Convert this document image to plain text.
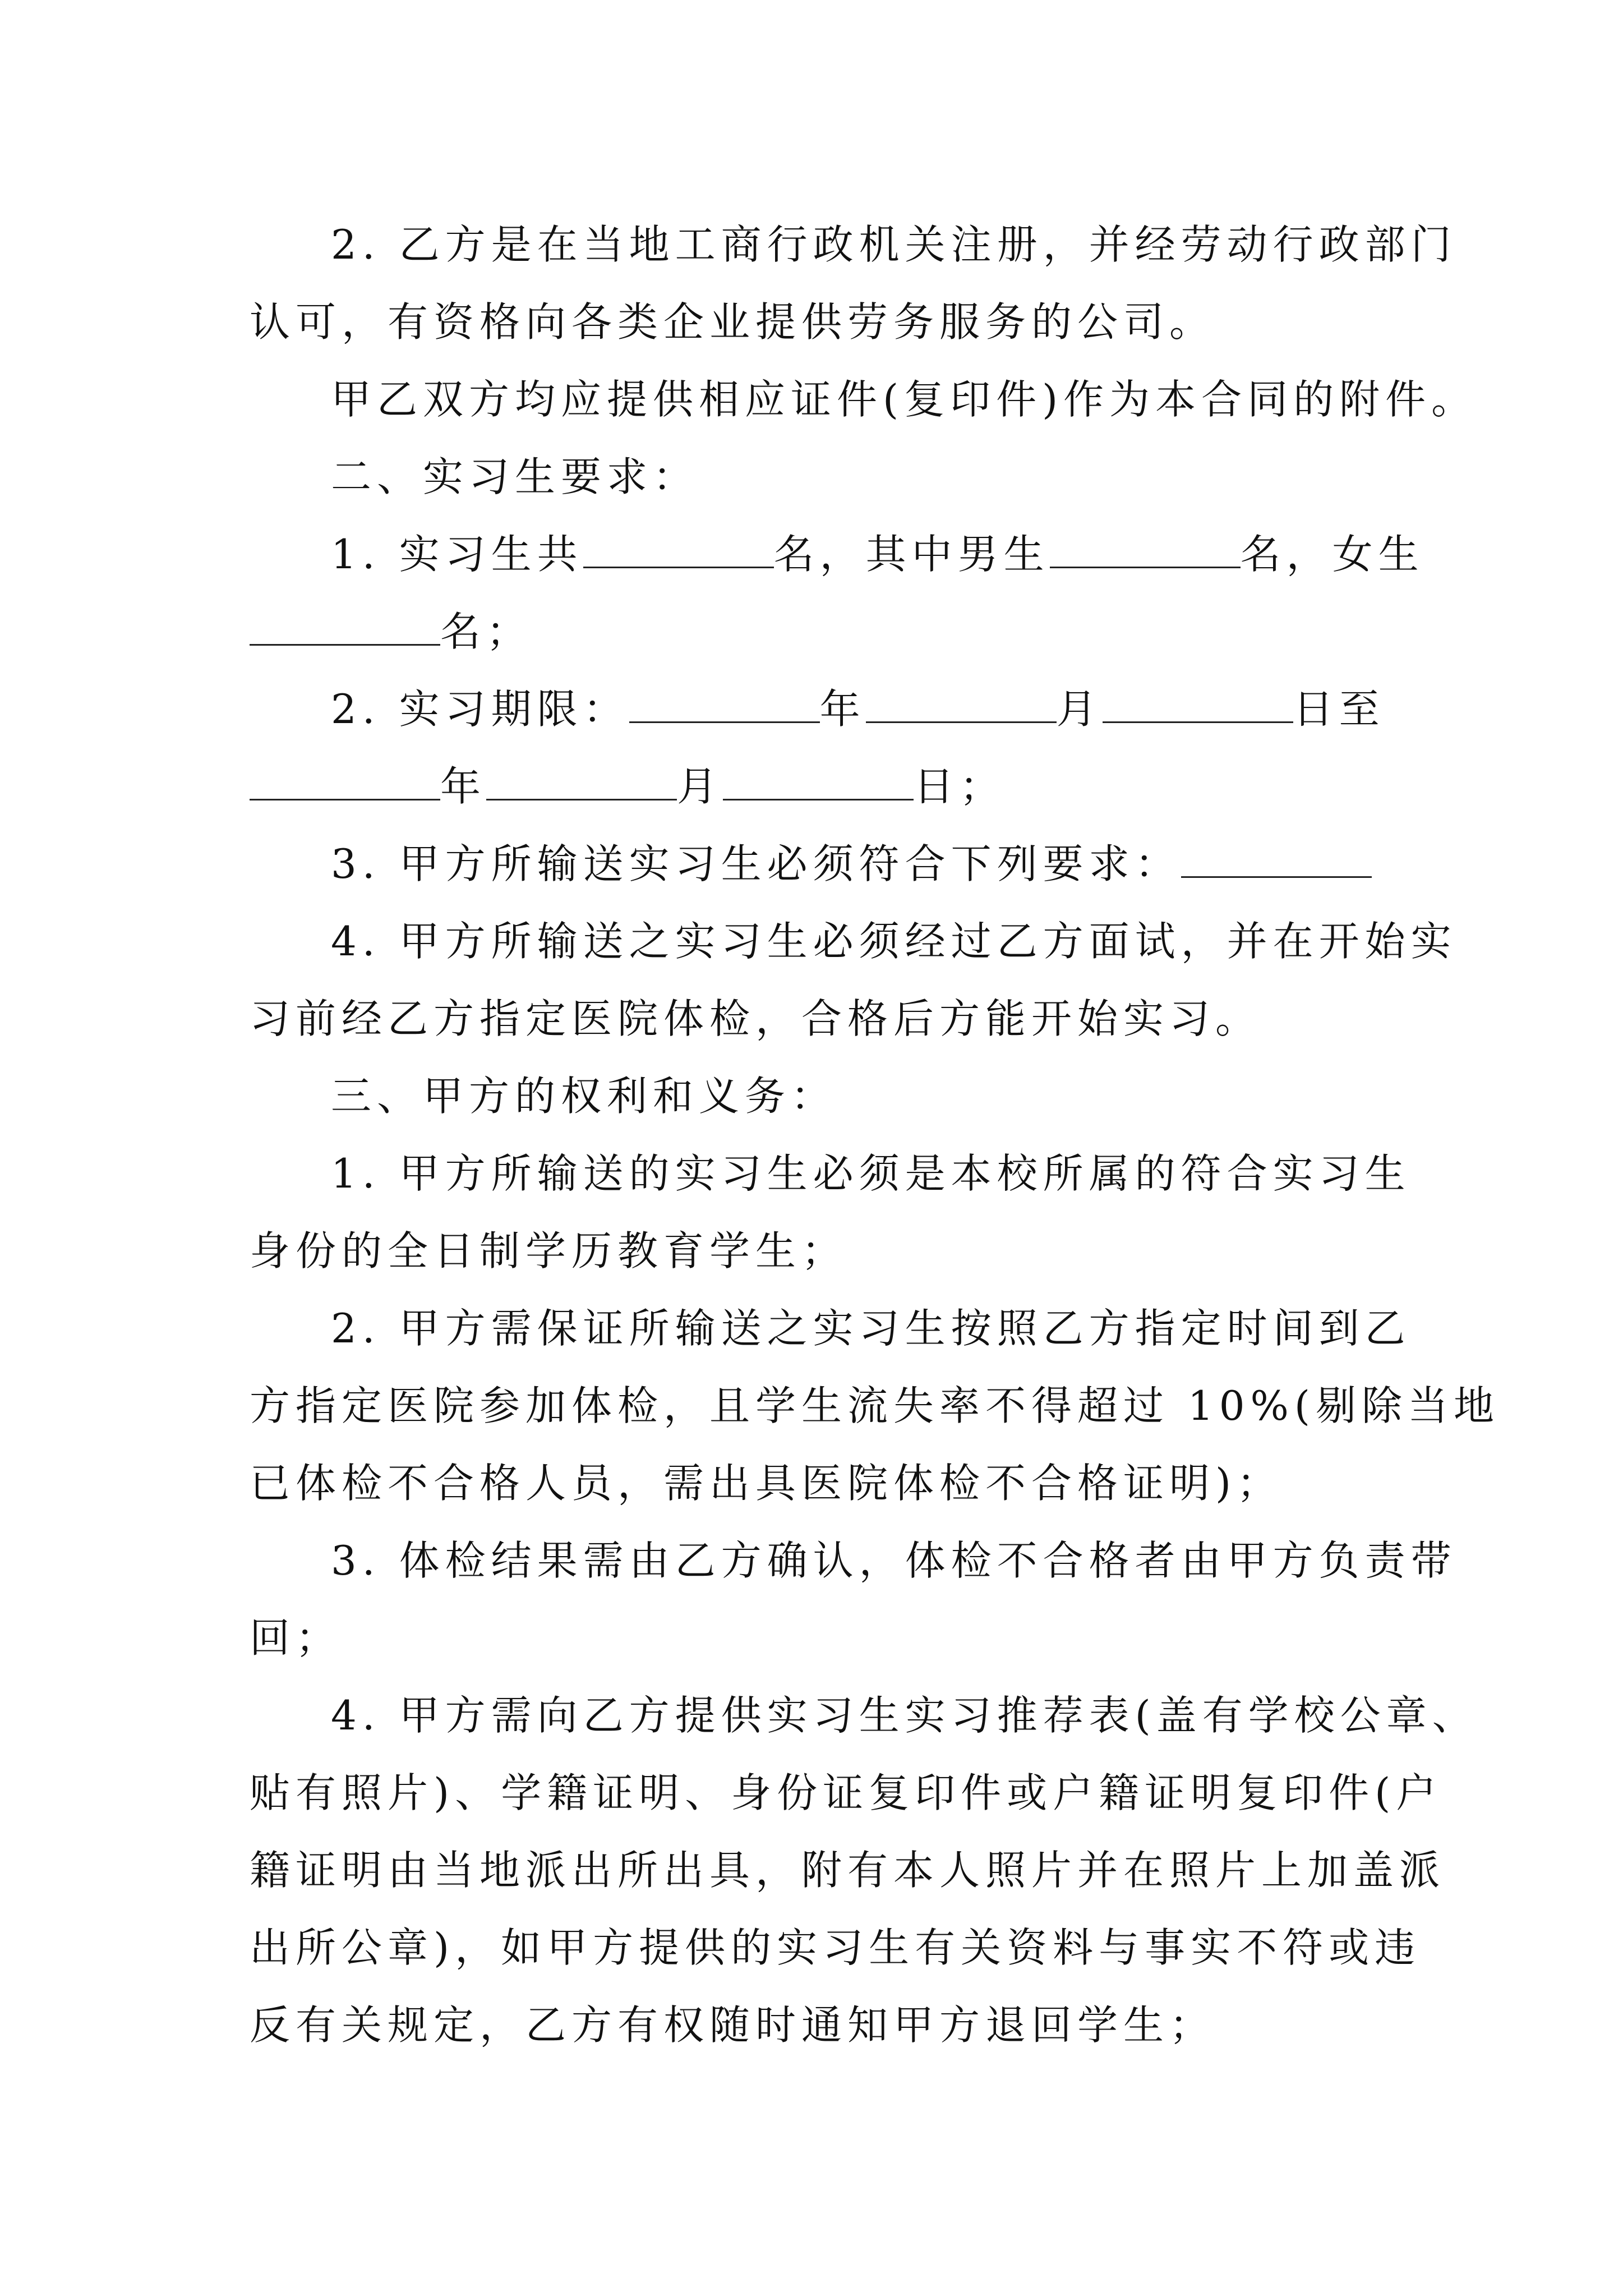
2. 乙方是在当地工商行政机关注册，并经劳动行政部门
认可，有资格向各类企业提供劳务服务的公司。
甲乙双方均应提供相应证件(复印件)作为本合同的附件。
二、实习生要求：
1. 实习生共	名，其中男生	名，女生
名；
2. 实习期限：	年	月	日至
年	月	日；
3. 甲方所输送实习生必须符合下列要求：
4. 甲方所输送之实习生必须经过乙方面试，并在开始实
习前经乙方指定医院体检，合格后方能开始实习。
三、甲方的权利和义务：
1. 甲方所输送的实习生必须是本校所属的符合实习生
身份的全日制学历教育学生；
2. 甲方需保证所输送之实习生按照乙方指定时间到乙
方指定医院参加体检，且学生流失率不得超过 10%(剔除当地
已体检不合格人员，需出具医院体检不合格证明)；
3. 体检结果需由乙方确认，体检不合格者由甲方负责带
回；
4. 甲方需向乙方提供实习生实习推荐表(盖有学校公章、
贴有照片)、学籍证明、身份证复印件或户籍证明复印件(户
籍证明由当地派出所出具，附有本人照片并在照片上加盖派
出所公章)，如甲方提供的实习生有关资料与事实不符或违
反有关规定，乙方有权随时通知甲方退回学生；
